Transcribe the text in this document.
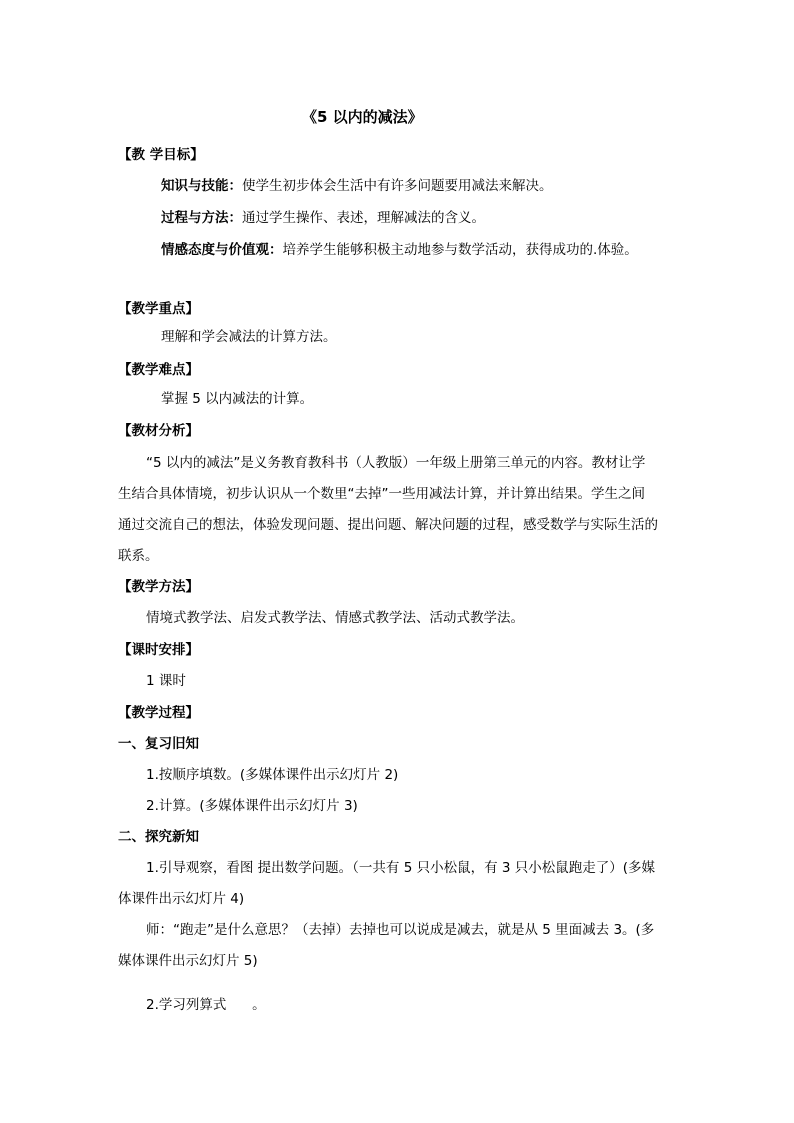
《5 以内的减法》
【教 学目标】
知识与技能：使学生初步体会生活中有许多问题要用减法来解决。
过程与方法：通过学生操作、表述，理解减法的含义。
情感态度与价值观：培养学生能够积极主动地参与数学活动，获得成功的.体验。
【教学重点】
理解和学会减法的计算方法。
【教学难点】
掌握 5 以内减法的计算。
【教材分析】
“5 以内的减法”是义务教育教科书（人教版）一年级上册第三单元的内容。教材让学
生结合具体情境，初步认识从一个数里“去掉”一些用减法计算，并计算出结果。学生之间
通过交流自己的想法，体验发现问题、提出问题、解决问题的过程，感受数学与实际生活的
联系。
【教学方法】
情境式教学法、启发式教学法、情感式教学法、活动式教学法。
【课时安排】
1 课时
【教学过程】
一、复习旧知
1.按顺序填数。(多媒体课件出示幻灯片 2)
2.计算。(多媒体课件出示幻灯片 3)
二、探究新知
1.引导观察，看图 提出数学问题。（一共有 5 只小松鼠，有 3 只小松鼠跑走了）(多媒
体课件出示幻灯片 4)
师：“跑走”是什么意思？（去掉）去掉也可以说成是减去，就是从 5 里面减去 3。(多
媒体课件出示幻灯片 5)
2.学习列算式      。
